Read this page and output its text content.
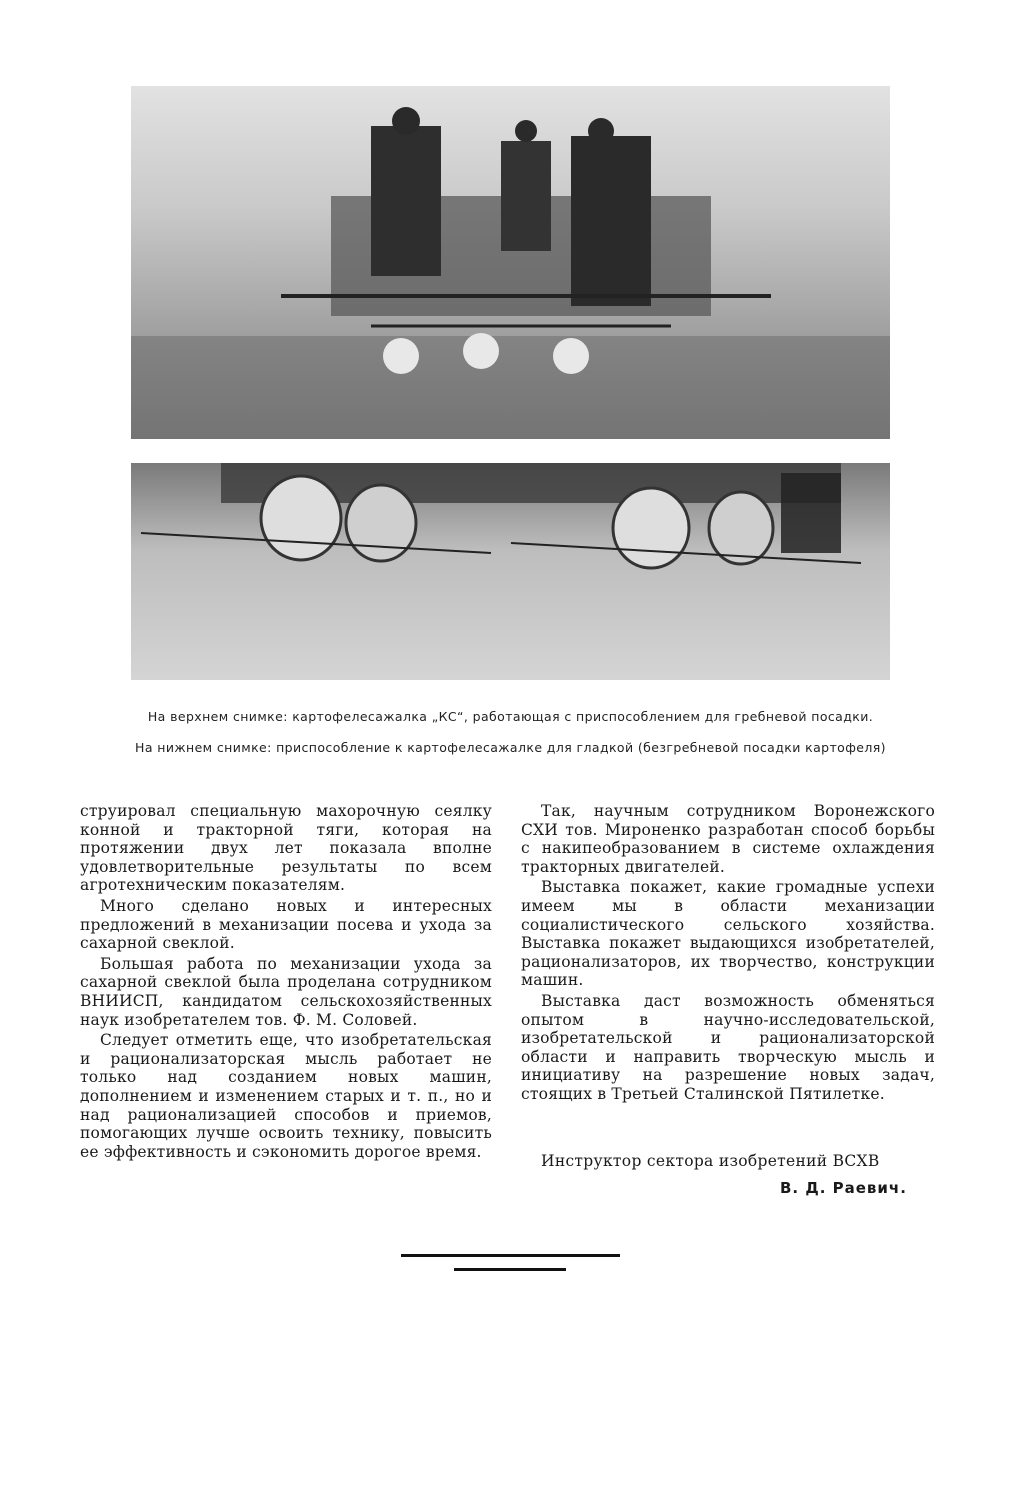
На верхнем снимке: картофелесажалка „КС“, работающая с приспособлением для гребневой посадки.
На нижнем снимке: приспособление к картофелесажалке для гладкой (безгребневой посадки картофеля)

струировал специальную махорочную сеялку конной и тракторной тяги, которая на протяжении двух лет показала вполне удовлетворительные результаты по всем агротехническим показателям.

Много сделано новых и интересных предложений в механизации посева и ухода за сахарной свеклой.

Большая работа по механизации ухода за сахарной свеклой была проделана сотрудником ВНИИСП, кандидатом сельскохозяйственных наук изобретателем тов. Ф. М. Соловей.

Следует отметить еще, что изобретательская и рационализаторская мысль работает не только над созданием новых машин, дополнением и изменением старых и т. п., но и над рационализацией способов и приемов, помогающих лучше освоить технику, повысить ее эффективность и сэкономить дорогое время.

Так, научным сотрудником Воронежского СХИ тов. Мироненко разработан способ борьбы с накипеобразованием в системе охлаждения тракторных двигателей.

Выставка покажет, какие громадные успехи имеем мы в области механизации социалистического сельского хозяйства. Выставка покажет выдающихся изобретателей, рационализаторов, их творчество, конструкции машин.

Выставка даст возможность обменяться опытом в научно-исследовательской, изобретательской и рационализаторской области и направить творческую мысль и инициативу на разрешение новых задач, стоящих в Третьей Сталинской Пятилетке.

Инструктор сектора изобретений ВСХВ
В. Д. Раевич.
